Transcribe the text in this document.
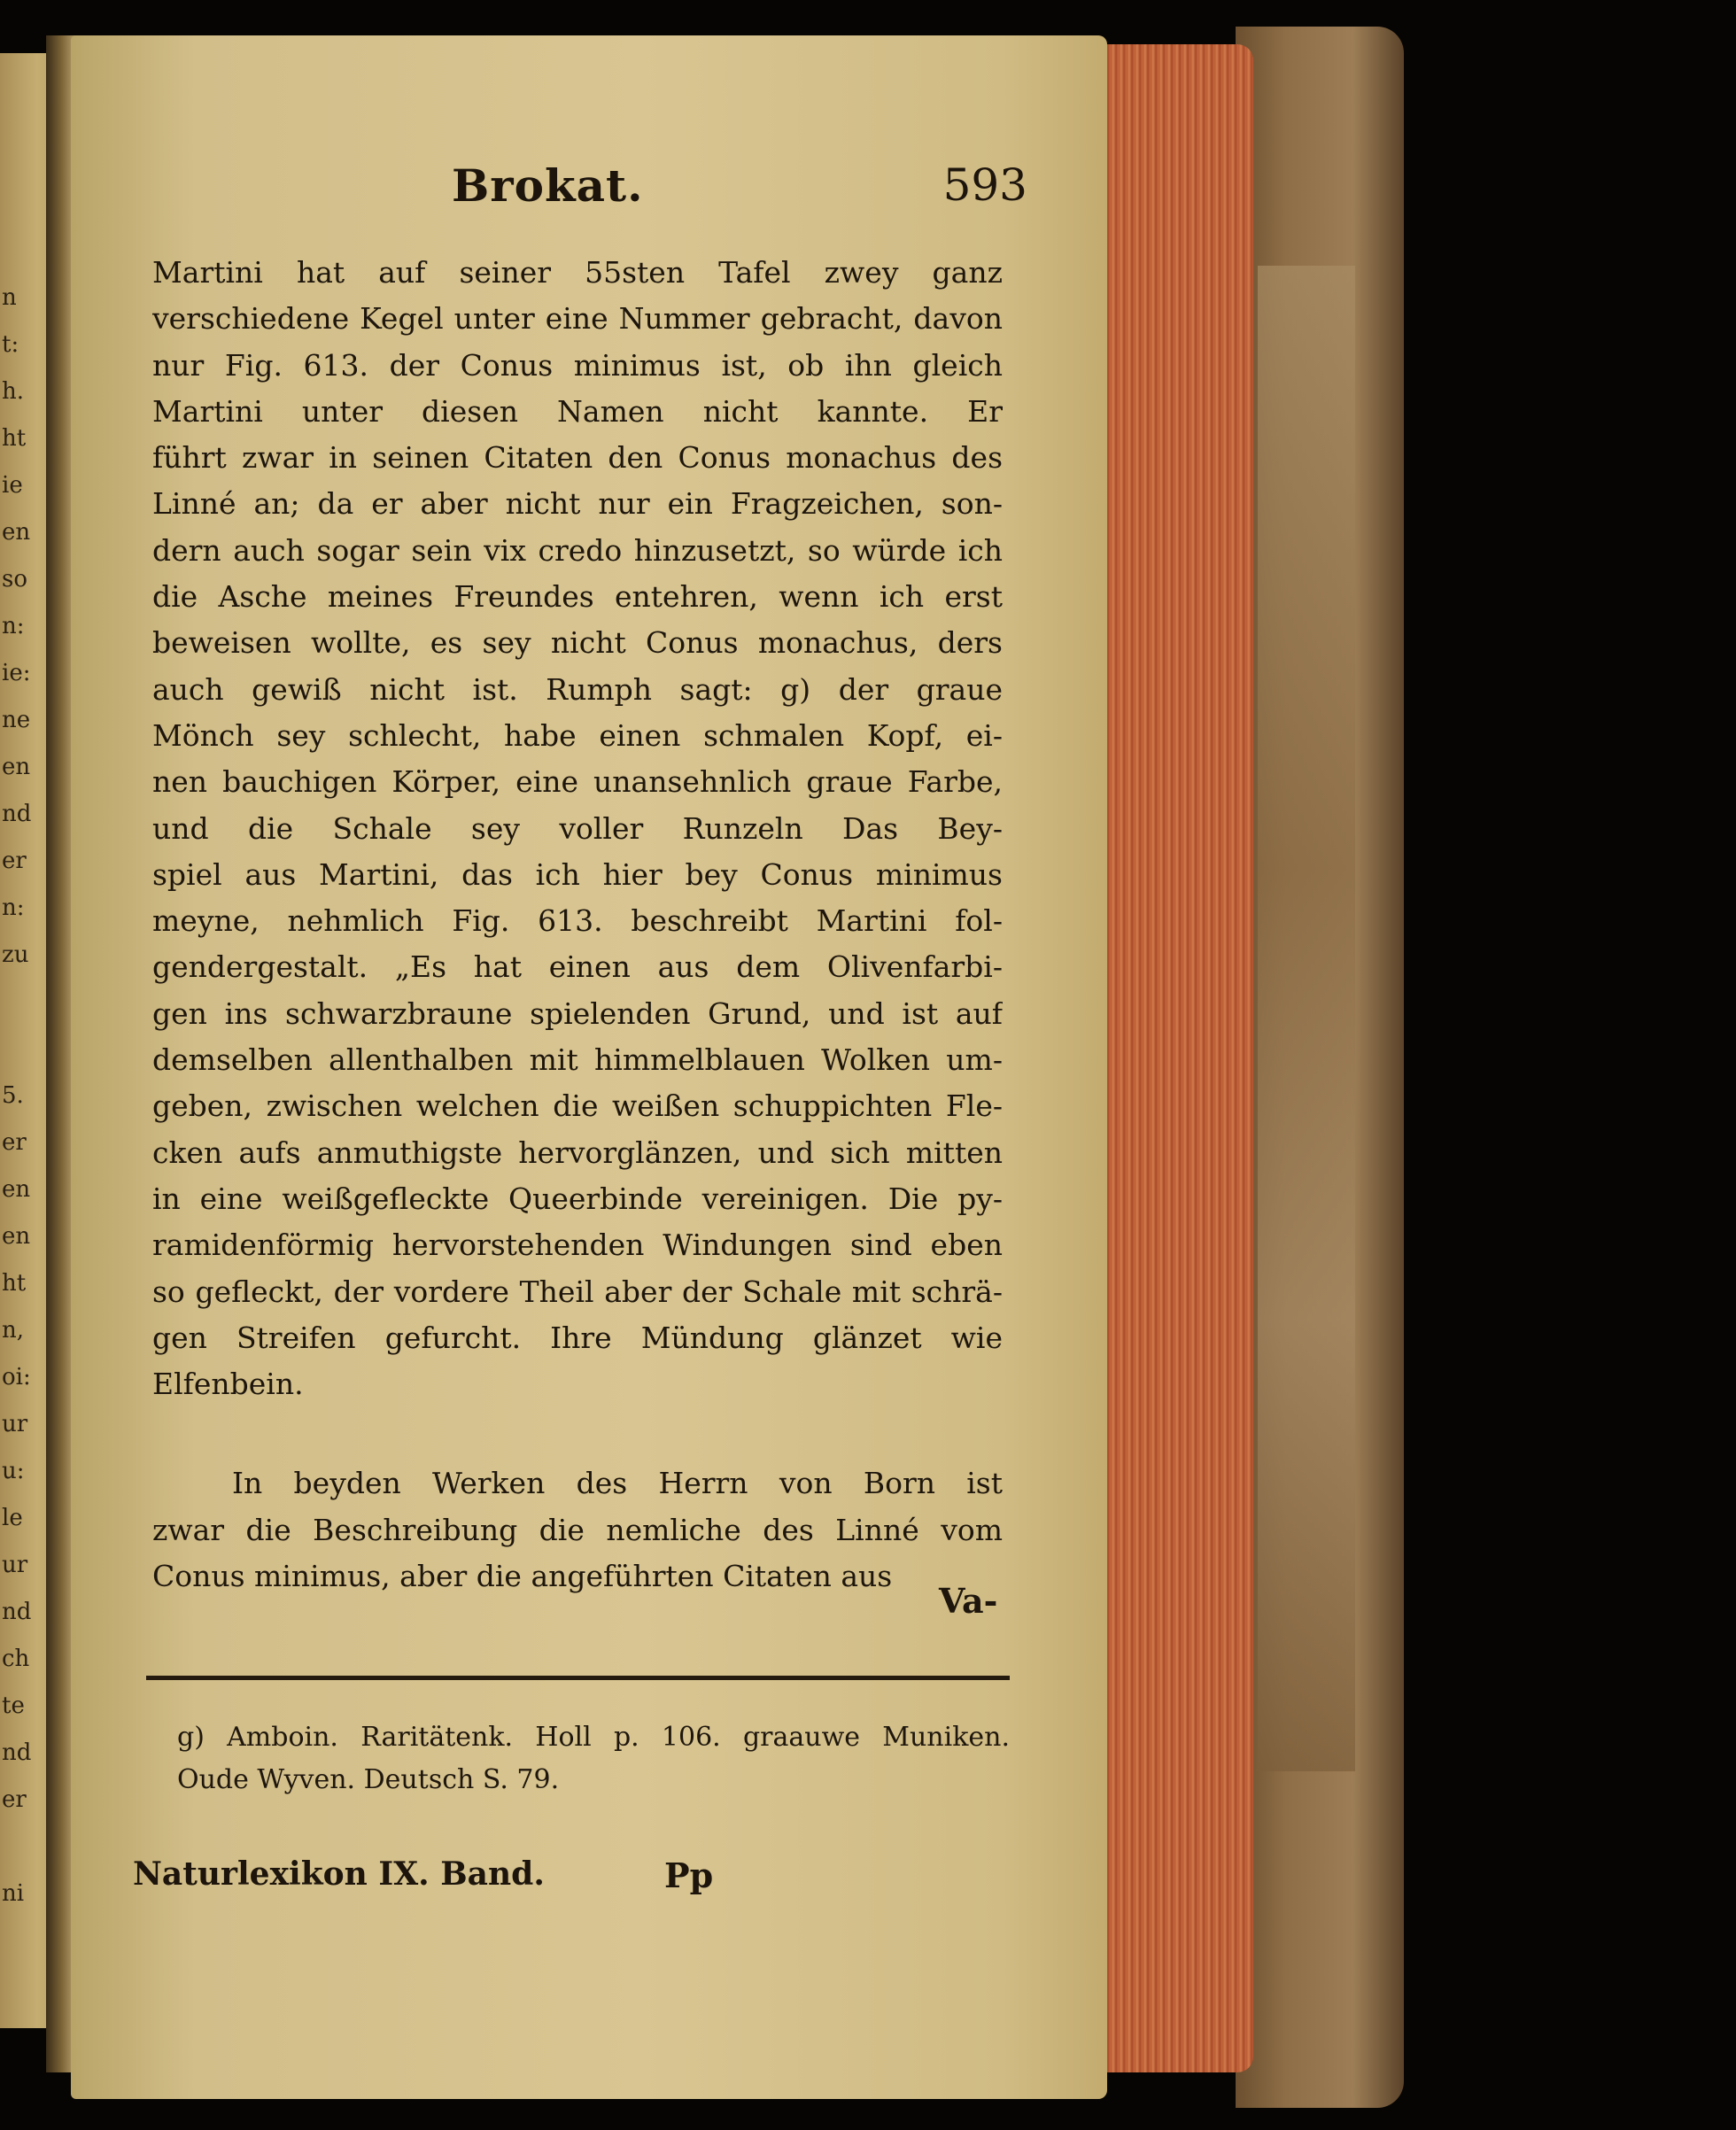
n
t:
h.
ht
ie
en
so
n:
ie:
ne
en
nd
er
n:
zu
5.
er
en
en
ht
n,
oi:
ur
u:
le
ur
nd
ch
te
nd
er
ni
Brokat.	593
Martini hat auf seiner 55sten Tafel zwey ganz
verschiedene Kegel unter eine Nummer gebracht, davon
nur Fig. 613. der Conus minimus ist, ob ihn gleich
Martini unter diesen Namen nicht kannte. Er
führt zwar in seinen Citaten den Conus monachus des
Linné an; da er aber nicht nur ein Fragzeichen, son-
dern auch sogar sein vix credo hinzusetzt, so würde ich
die Asche meines Freundes entehren, wenn ich erst
beweisen wollte, es sey nicht Conus monachus, ders
auch gewiß nicht ist. Rumph sagt: g) der graue
Mönch sey schlecht, habe einen schmalen Kopf, ei-
nen bauchigen Körper, eine unansehnlich graue Farbe,
und die Schale sey voller Runzeln Das Bey-
spiel aus Martini, das ich hier bey Conus minimus
meyne, nehmlich Fig. 613. beschreibt Martini fol-
gendergestalt. „Es hat einen aus dem Olivenfarbi-
gen ins schwarzbraune spielenden Grund, und ist auf
demselben allenthalben mit himmelblauen Wolken um-
geben, zwischen welchen die weißen schuppichten Fle-
cken aufs anmuthigste hervorglänzen, und sich mitten
in eine weißgefleckte Queerbinde vereinigen. Die py-
ramidenförmig hervorstehenden Windungen sind eben
so gefleckt, der vordere Theil aber der Schale mit schrä-
gen Streifen gefurcht. Ihre Mündung glänzet wie
Elfenbein.
In beyden Werken des Herrn von Born ist
zwar die Beschreibung die nemliche des Linné vom
Conus minimus, aber die angeführten Citaten aus
Va-
g) Amboin. Raritätenk. Holl p. 106. graauwe Muniken.
Oude Wyven. Deutsch S. 79.
Naturlexikon IX. Band.	Pp
